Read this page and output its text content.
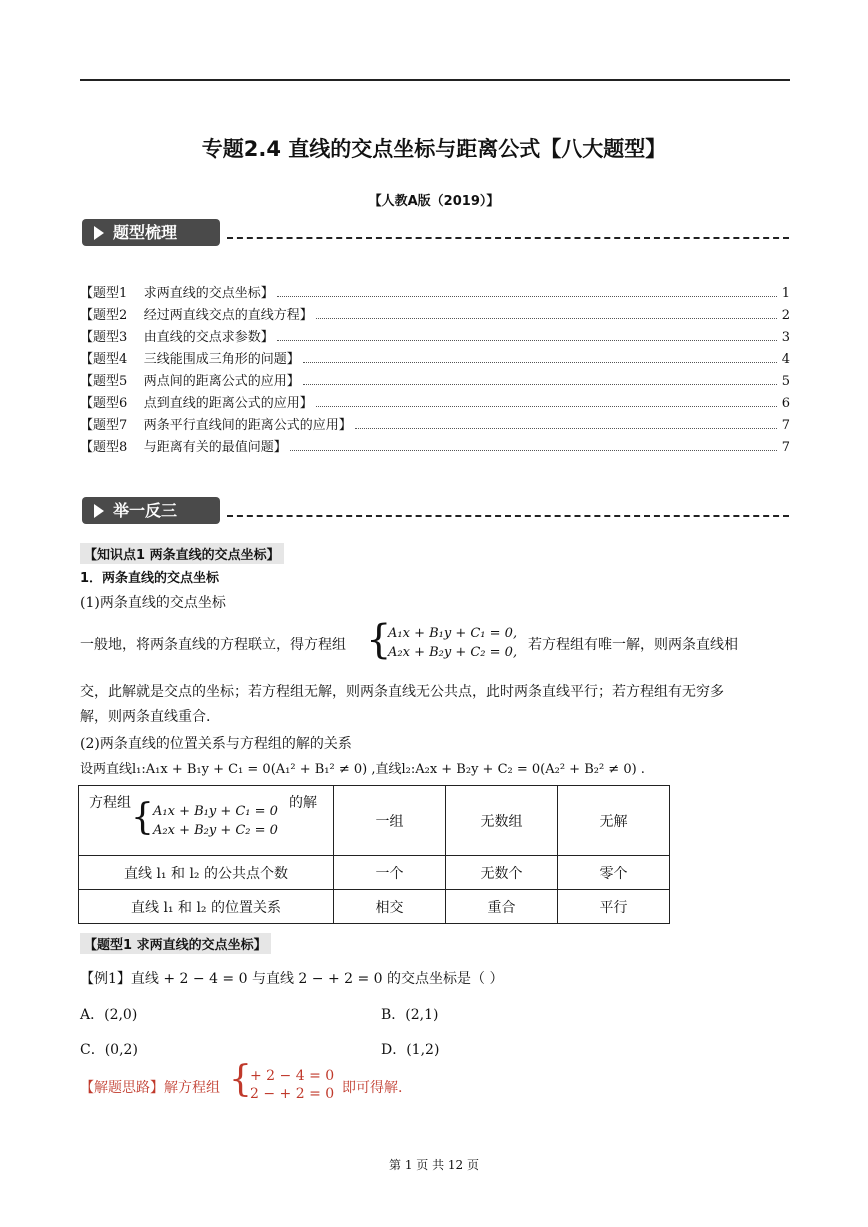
专题2.4 直线的交点坐标与距离公式【八大题型】
【人教A版（2019）】
题型梳理
【题型1    求两直线的交点坐标】	1
【题型2    经过两直线交点的直线方程】	2
【题型3    由直线的交点求参数】	3
【题型4    三线能围成三角形的问题】	4
【题型5    两点间的距离公式的应用】	5
【题型6    点到直线的距离公式的应用】	6
【题型7    两条平行直线间的距离公式的应用】	7
【题型8    与距离有关的最值问题】	7
举一反三
【知识点1 两条直线的交点坐标】
1．两条直线的交点坐标
(1)两条直线的交点坐标
一般地，将两条直线的方程联立，得方程组 {
A₁x + B₁y + C₁ = 0,
A₂x + B₂y + C₂ = 0, 若方程组有唯一解，则两条直线相
交，此解就是交点的坐标；若方程组无解，则两条直线无公共点，此时两条直线平行；若方程组有无穷多
解，则两条直线重合.
(2)两条直线的位置关系与方程组的解的关系
设两直线l₁:A₁x + B₁y + C₁ = 0(A₁² + B₁² ≠ 0) ,直线l₂:A₂x + B₂y + C₂ = 0(A₂² + B₂² ≠ 0) .
方程组 { A₁x + B₁y + C₁ = 0
A₂x + B₂y + C₂ = 0
的解	一组	无数组	无解
直线 l₁ 和 l₂ 的公共点个数	一个	无数个	零个
直线 l₁ 和 l₂ 的位置关系	相交	重合	平行
【题型1 求两直线的交点坐标】
【例1】直线 + 2 − 4 = 0 与直线 2 − + 2 = 0 的交点坐标是（ ）
A．(2,0)	B．(2,1)
C．(0,2)	D．(1,2)
【解题思路】解方程组 {
+ 2 − 4 = 0
2 − + 2 = 0 即可得解.
第 1 页 共 12 页
